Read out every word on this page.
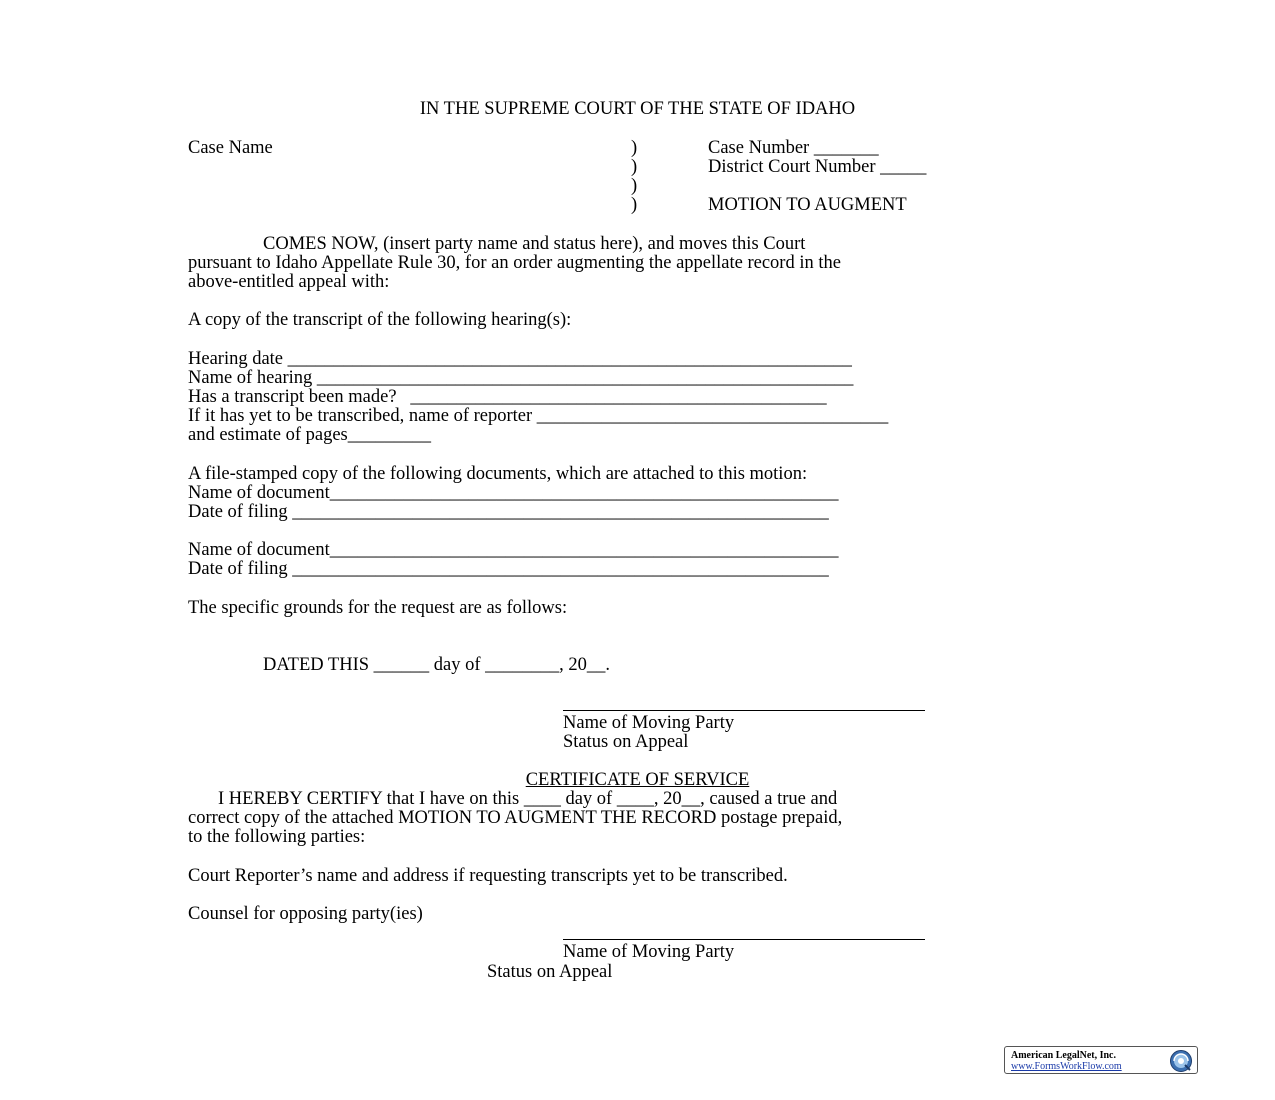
IN THE SUPREME COURT OF THE STATE OF IDAHO
Case Name	)
)
)
)
Case Number _______
District Court Number _____
MOTION TO AUGMENT
COMES NOW, (insert party name and status here), and moves this Court
pursuant to Idaho Appellate Rule 30, for an order augmenting the appellate record in the
above-entitled appeal with:
A copy of the transcript of the following hearing(s):
Hearing date _____________________________________________________________
Name of hearing __________________________________________________________
Has a transcript been made?   _____________________________________________
If it has yet to be transcribed, name of reporter ______________________________________
and estimate of pages_________
A file-stamped copy of the following documents, which are attached to this motion:
Name of document_______________________________________________________
Date of filing __________________________________________________________
Name of document_______________________________________________________
Date of filing __________________________________________________________
The specific grounds for the request are as follows:
DATED THIS ______ day of ________, 20__.
Name of Moving Party
Status on Appeal
CERTIFICATE OF SERVICE
I HEREBY CERTIFY that I have on this ____ day of ____, 20__, caused a true and
correct copy of the attached MOTION TO AUGMENT THE RECORD postage prepaid,
to the following parties:
Court Reporter’s name and address if requesting transcripts yet to be transcribed.
Counsel for opposing party(ies)
Name of Moving Party
Status on Appeal
American LegalNet, Inc.
www.FormsWorkFlow.com
